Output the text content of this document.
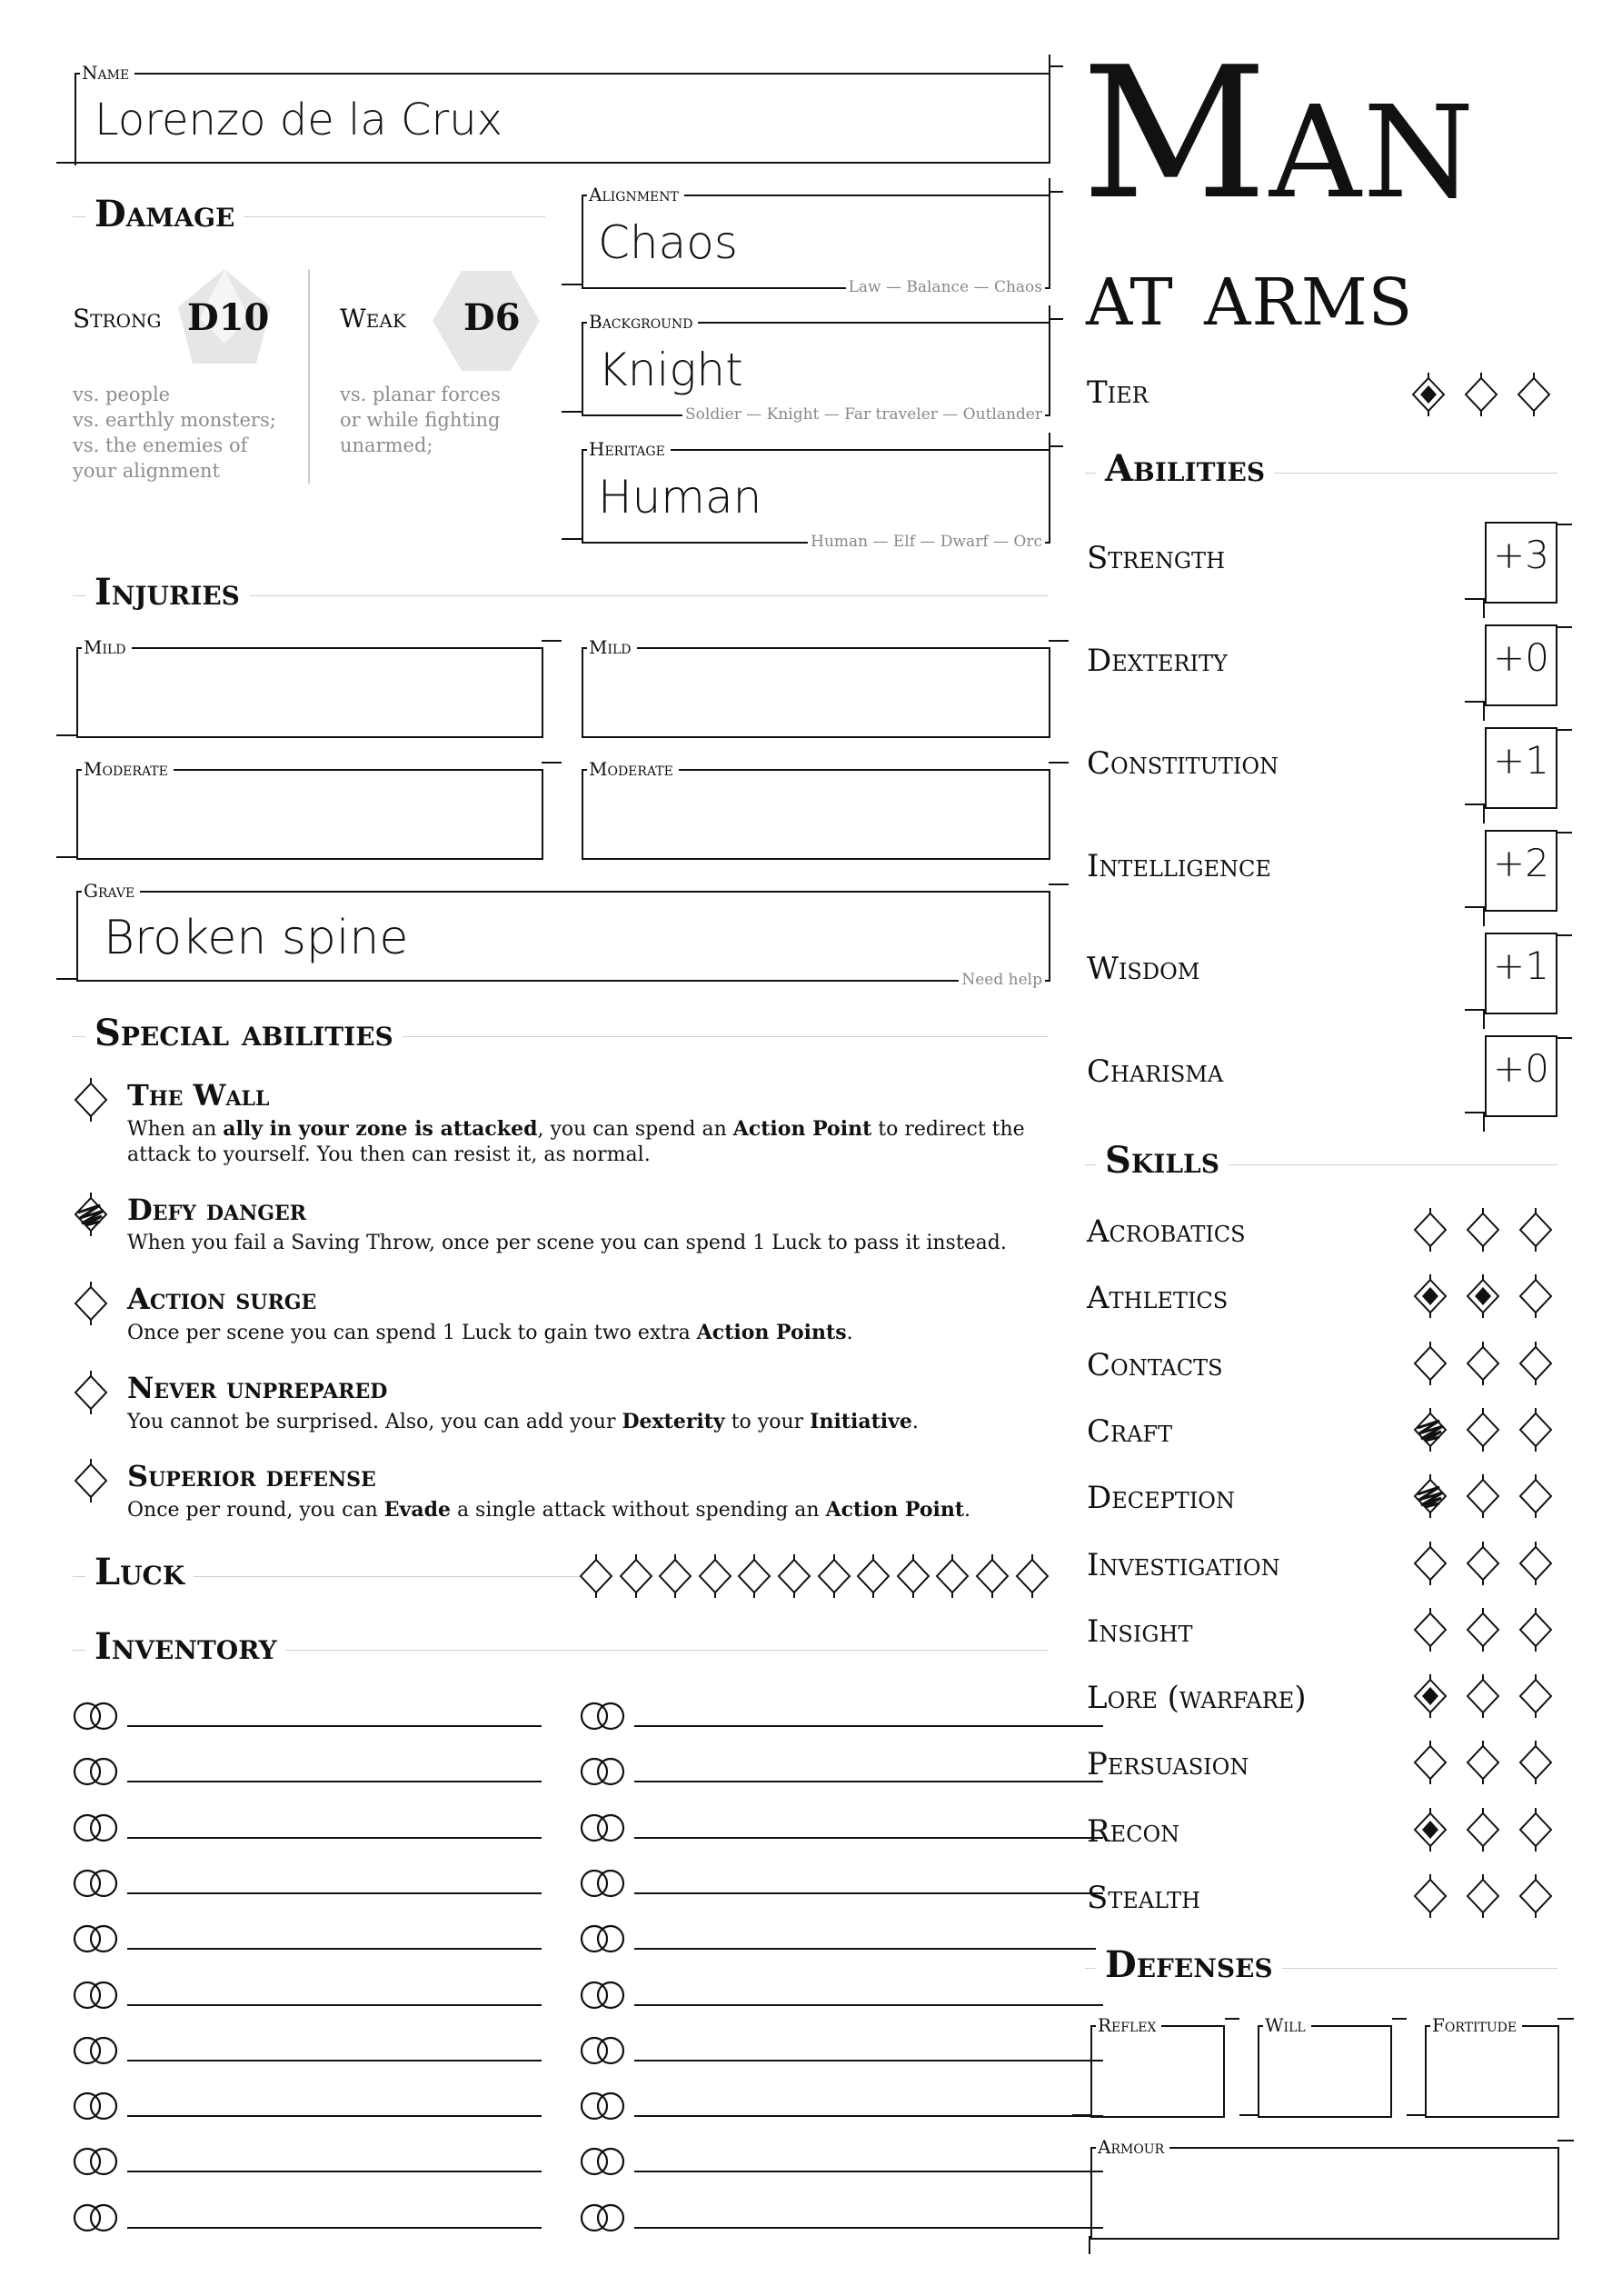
Name
Lorenzo de la Crux	Man
at arms
Tier
Damage
Strong D10
vs. people
vs. earthly monsters;
vs. the enemies of
your alignment
Weak D6
vs. planar forces
or while fighting
unarmed;
Alignment
Chaos
Law — Balance — Chaos
Background
Knight
Soldier — Knight — Far traveler — Outlander
Heritage
Human
Human — Elf — Dwarf — Orc
Injuries
Mild	Mild
Moderate	Moderate
Grave
Broken spine
Need help
Special abilities
The Wall
When an ally in your zone is attacked, you can spend an Action Point to redirect the attack to yourself. You then can resist it, as normal.
Defy danger
When you fail a Saving Throw, once per scene you can spend 1 Luck to pass it instead.
Action surge
Once per scene you can spend 1 Luck to gain two extra Action Points.
Never unprepared
You cannot be surprised. Also, you can add your Dexterity to your Initiative.
Superior defense
Once per round, you can Evade a single attack without spending an Action Point.
Luck
Inventory
Abilities
Strength	+3
Dexterity	+0
Constitution	+1
Intelligence	+2
Wisdom	+1
Charisma	+0
Skills
Acrobatics
Athletics
Contacts
Craft
Deception
Investigation
Insight
Lore (warfare)
Persuasion
Recon
Stealth
Defenses
Reflex	Will	Fortitude
Armour
